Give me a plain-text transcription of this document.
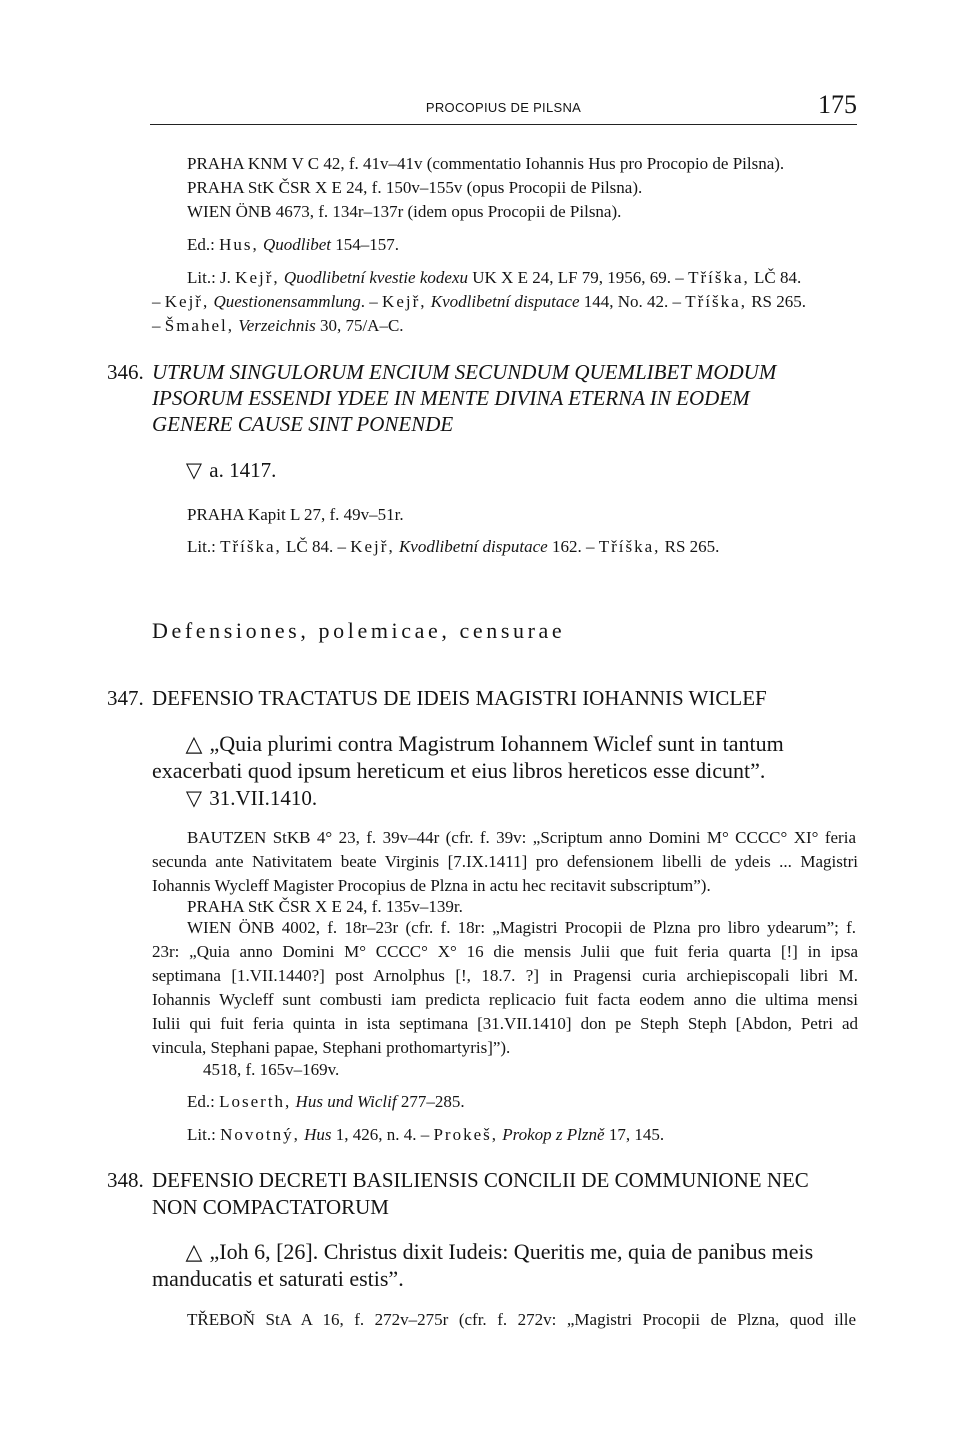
PROCOPIUS DE PILSNA	175
PRAHA KNM V C 42, f. 41v–41v (commentatio Iohannis Hus pro Procopio de Pilsna).
PRAHA StK ČSR X E 24, f. 150v–155v (opus Procopii de Pilsna).
WIEN ÖNB 4673, f. 134r–137r (idem opus Procopii de Pilsna).
Ed.: Hus, Quodlibet 154–157.
Lit.: J. Kejř, Quodlibetní kvestie kodexu UK X E 24, LF 79, 1956, 69. – Tříška, LČ 84.
– Kejř, Questionensammlung. – Kejř, Kvodlibetní disputace 144, No. 42. – Tříška, RS 265.
– Šmahel, Verzeichnis 30, 75/A–C.
346. UTRUM SINGULORUM ENCIUM SECUNDUM QUEMLIBET MODUM
IPSORUM ESSENDI YDEE IN MENTE DIVINA ETERNA IN EODEM
GENERE CAUSE SINT PONENDE
▽ a. 1417.
PRAHA Kapit L 27, f. 49v–51r.
Lit.: Tříška, LČ 84. – Kejř, Kvodlibetní disputace 162. – Tříška, RS 265.
Defensiones, polemicae, censurae
347. DEFENSIO TRACTATUS DE IDEIS MAGISTRI IOHANNIS WICLEF
△ „Quia plurimi contra Magistrum Iohannem Wiclef sunt in tantum
exacerbati quod ipsum hereticum et eius libros hereticos esse dicunt”.
▽ 31.VII.1410.
BAUTZEN StKB 4° 23, f. 39v–44r (cfr. f. 39v: „Scriptum anno Domini M° CCCC° XI° feria
secunda ante Nativitatem beate Virginis [7.IX.1411] pro defensionem libelli de ydeis ... Magistri
Iohannis Wycleff Magister Procopius de Plzna in actu hec recitavit subscriptum”).
PRAHA StK ČSR X E 24, f. 135v–139r.
WIEN ÖNB 4002, f. 18r–23r (cfr. f. 18r: „Magistri Procopii de Plzna pro libro ydearum”; f.
23r: „Quia anno Domini M° CCCC° X° 16 die mensis Julii que fuit feria quarta [!] in ipsa
septimana [1.VII.1440?] post Arnolphus [!, 18.7. ?] in Pragensi curia archiepiscopali libri M.
Iohannis Wycleff sunt combusti iam predicta replicacio fuit facta eodem anno die ultima mensi
Iulii qui fuit feria quinta in ista septimana [31.VII.1410] don pe Steph Steph [Abdon, Petri ad
vincula, Stephani papae, Stephani prothomartyris]”).
4518, f. 165v–169v.
Ed.: Loserth, Hus und Wiclif 277–285.
Lit.: Novotný, Hus 1, 426, n. 4. – Prokeš, Prokop z Plzně 17, 145.
348. DEFENSIO DECRETI BASILIENSIS CONCILII DE COMMUNIONE NEC
NON COMPACTATORUM
△ „Ioh 6, [26]. Christus dixit Iudeis: Queritis me, quia de panibus meis
manducatis et saturati estis”.
TŘEBOŇ StA A 16, f. 272v–275r (cfr. f. 272v: „Magistri Procopii de Plzna, quod ille
